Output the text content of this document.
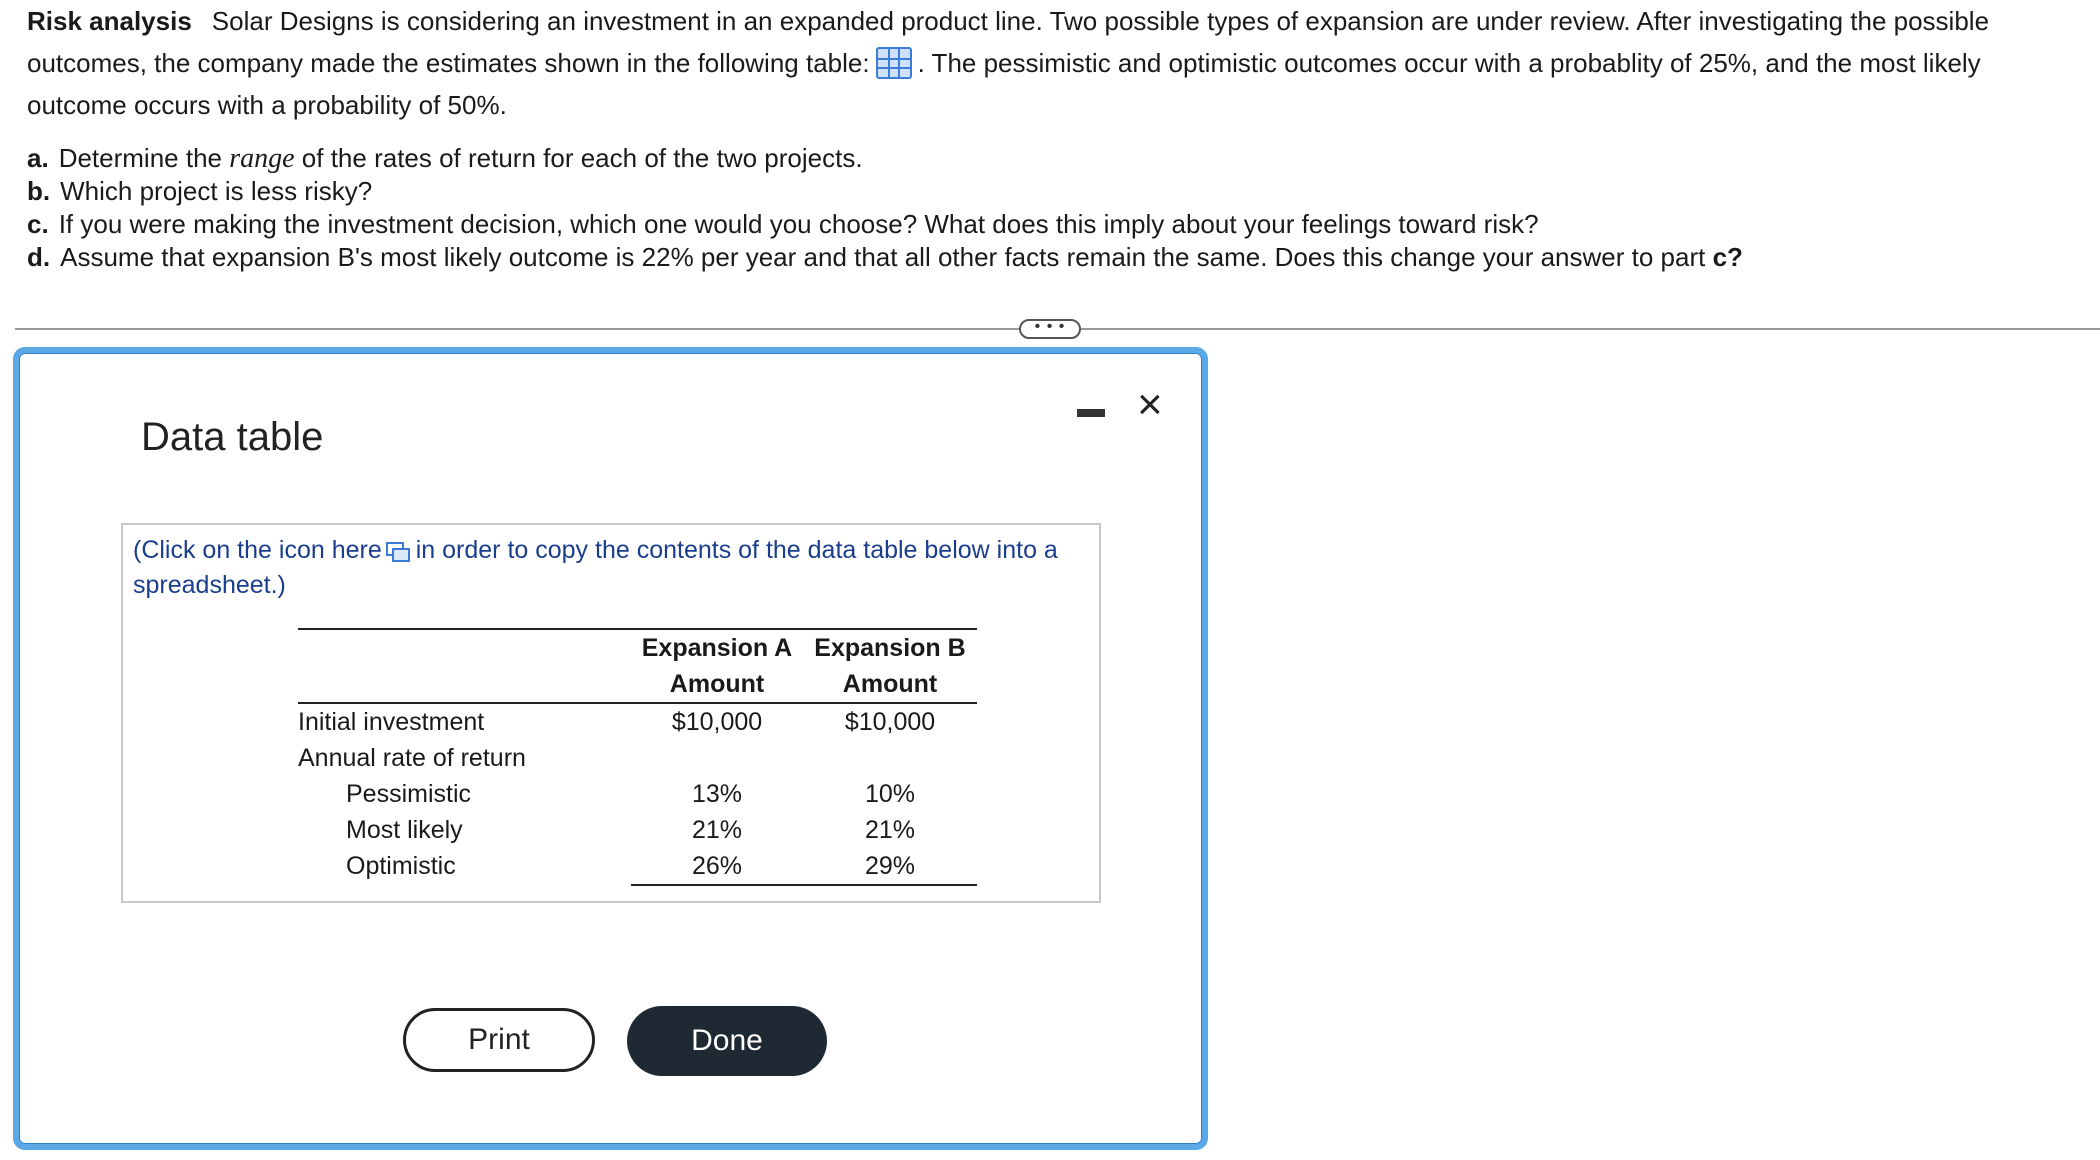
Risk analysis Solar Designs is considering an investment in an expanded product line. Two possible types of expansion are under review. After investigating the possible outcomes, the company made the estimates shown in the following table: . The pessimistic and optimistic outcomes occur with a probablity of 25%, and the most likely outcome occurs with a probability of 50%.
a. Determine the range of the rates of return for each of the two projects.
b. Which project is less risky?
c. If you were making the investment decision, which one would you choose? What does this imply about your feelings toward risk?
d. Assume that expansion B's most likely outcome is 22% per year and that all other facts remain the same. Does this change your answer to part c?
• • •
Data table
×
(Click on the icon here in order to copy the contents of the data table below into a spreadsheet.)
	Expansion A	Expansion B
	Amount	Amount
Initial investment	$10,000	$10,000
Annual rate of return		
Pessimistic	13%	10%
Most likely	21%	21%
Optimistic	26%	29%
Print	Done
